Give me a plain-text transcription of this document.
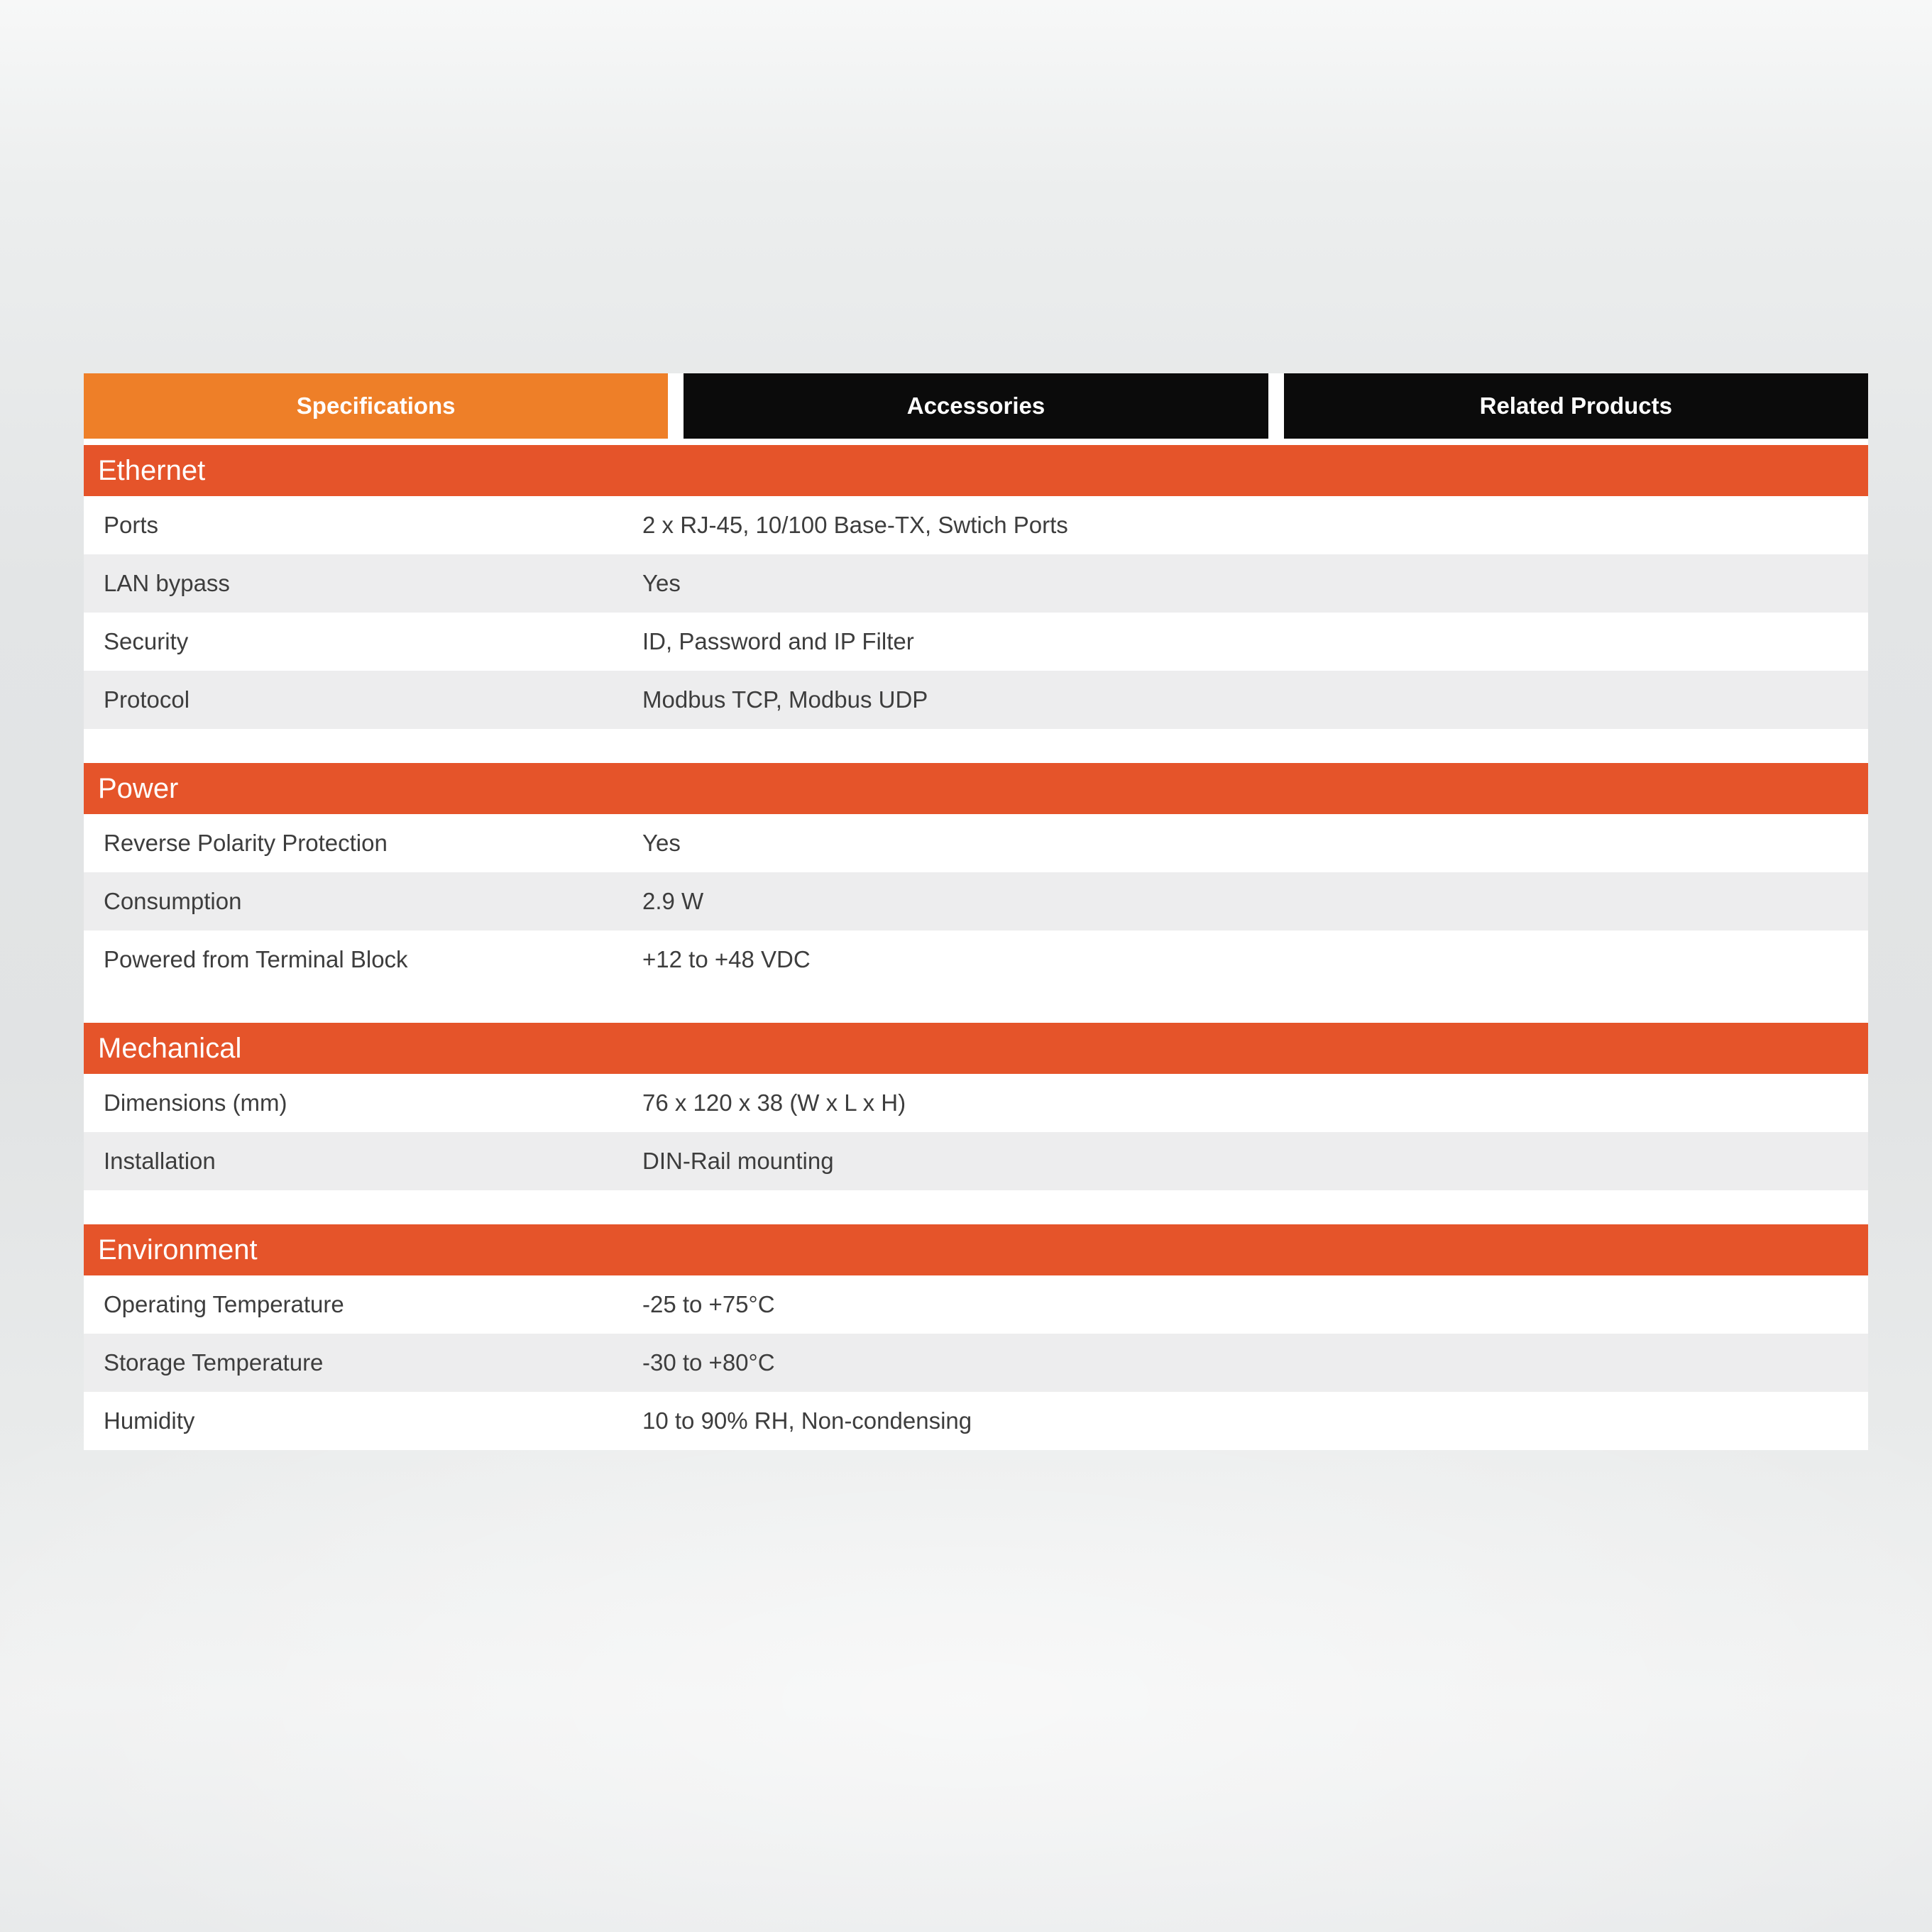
Specifications	Accessories	Related Products
Ethernet
Ports	2 x RJ-45, 10/100 Base-TX, Swtich Ports
LAN bypass	Yes
Security	ID, Password and IP Filter
Protocol	Modbus TCP, Modbus UDP
Power
Reverse Polarity Protection	Yes
Consumption	2.9 W
Powered from Terminal Block	+12 to +48 VDC
Mechanical
Dimensions (mm)	76 x 120 x 38 (W x L x H)
Installation	DIN-Rail mounting
Environment
Operating Temperature	-25 to +75°C
Storage Temperature	-30 to +80°C
Humidity	10 to 90% RH, Non-condensing
